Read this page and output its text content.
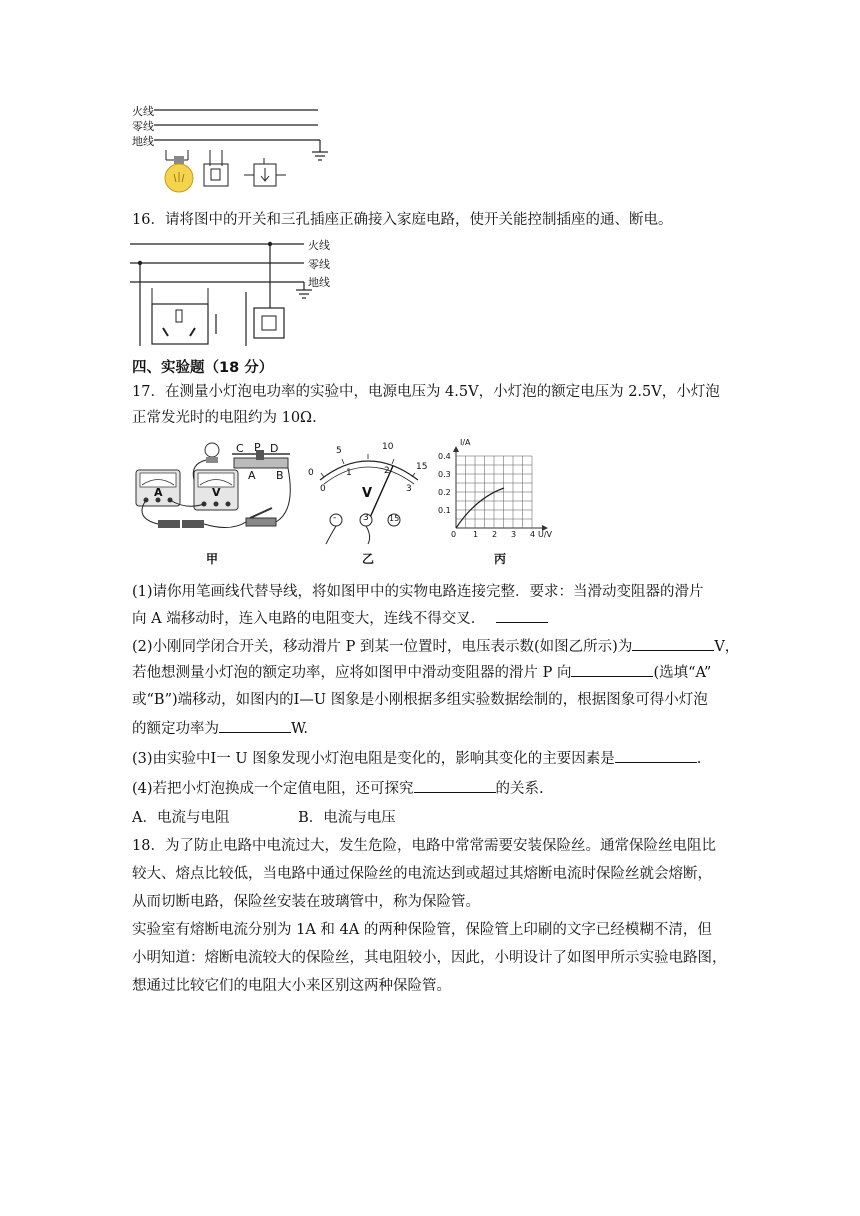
火线
零线
地线
16．请将图中的开关和三孔插座正确接入家庭电路，使开关能控制插座的通、断电。
火线
零线
地线
四、实验题（18 分）
17．在测量小灯泡电功率的实验中，电源电压为 4.5V，小灯泡的额定电压为 2.5V，小灯泡
正常发光时的电阻约为 10Ω.
C P D
A B
A	V
甲
0
5	10
15
0
1	2
3
V
-	3	15
乙
I/A
0.4
0.3
0.2
0.1
0 1 2 3 4 U/V
丙
(1)请你用笔画线代替导线，将如图甲中的实物电路连接完整．要求：当滑动变阻器的滑片
向 A 端移动时，连入电路的电阻变大，连线不得交叉．
(2)小刚同学闭合开关，移动滑片 P 到某一位置时，电压表示数(如图乙所示)为	V，
若他想测量小灯泡的额定功率，应将如图甲中滑动变阻器的滑片 P 向	(选填“A”
或“B”)端移动，如图内的I—U 图象是小刚根据多组实验数据绘制的，根据图象可得小灯泡
的额定功率为	W.
(3)由实验中I一 U 图象发现小灯泡电阻是变化的，影响其变化的主要因素是	.
(4)若把小灯泡换成一个定值电阻，还可探究	的关系.
A．电流与电阻	B．电流与电压
18．为了防止电路中电流过大，发生危险，电路中常常需要安装保险丝。通常保险丝电阻比
较大、熔点比较低，当电路中通过保险丝的电流达到或超过其熔断电流时保险丝就会熔断，
从而切断电路，保险丝安装在玻璃管中，称为保险管。
实验室有熔断电流分别为 1A 和 4A 的两种保险管，保险管上印刷的文字已经模糊不清，但
小明知道：熔断电流较大的保险丝，其电阻较小，因此，小明设计了如图甲所示实验电路图，
想通过比较它们的电阻大小来区别这两种保险管。
